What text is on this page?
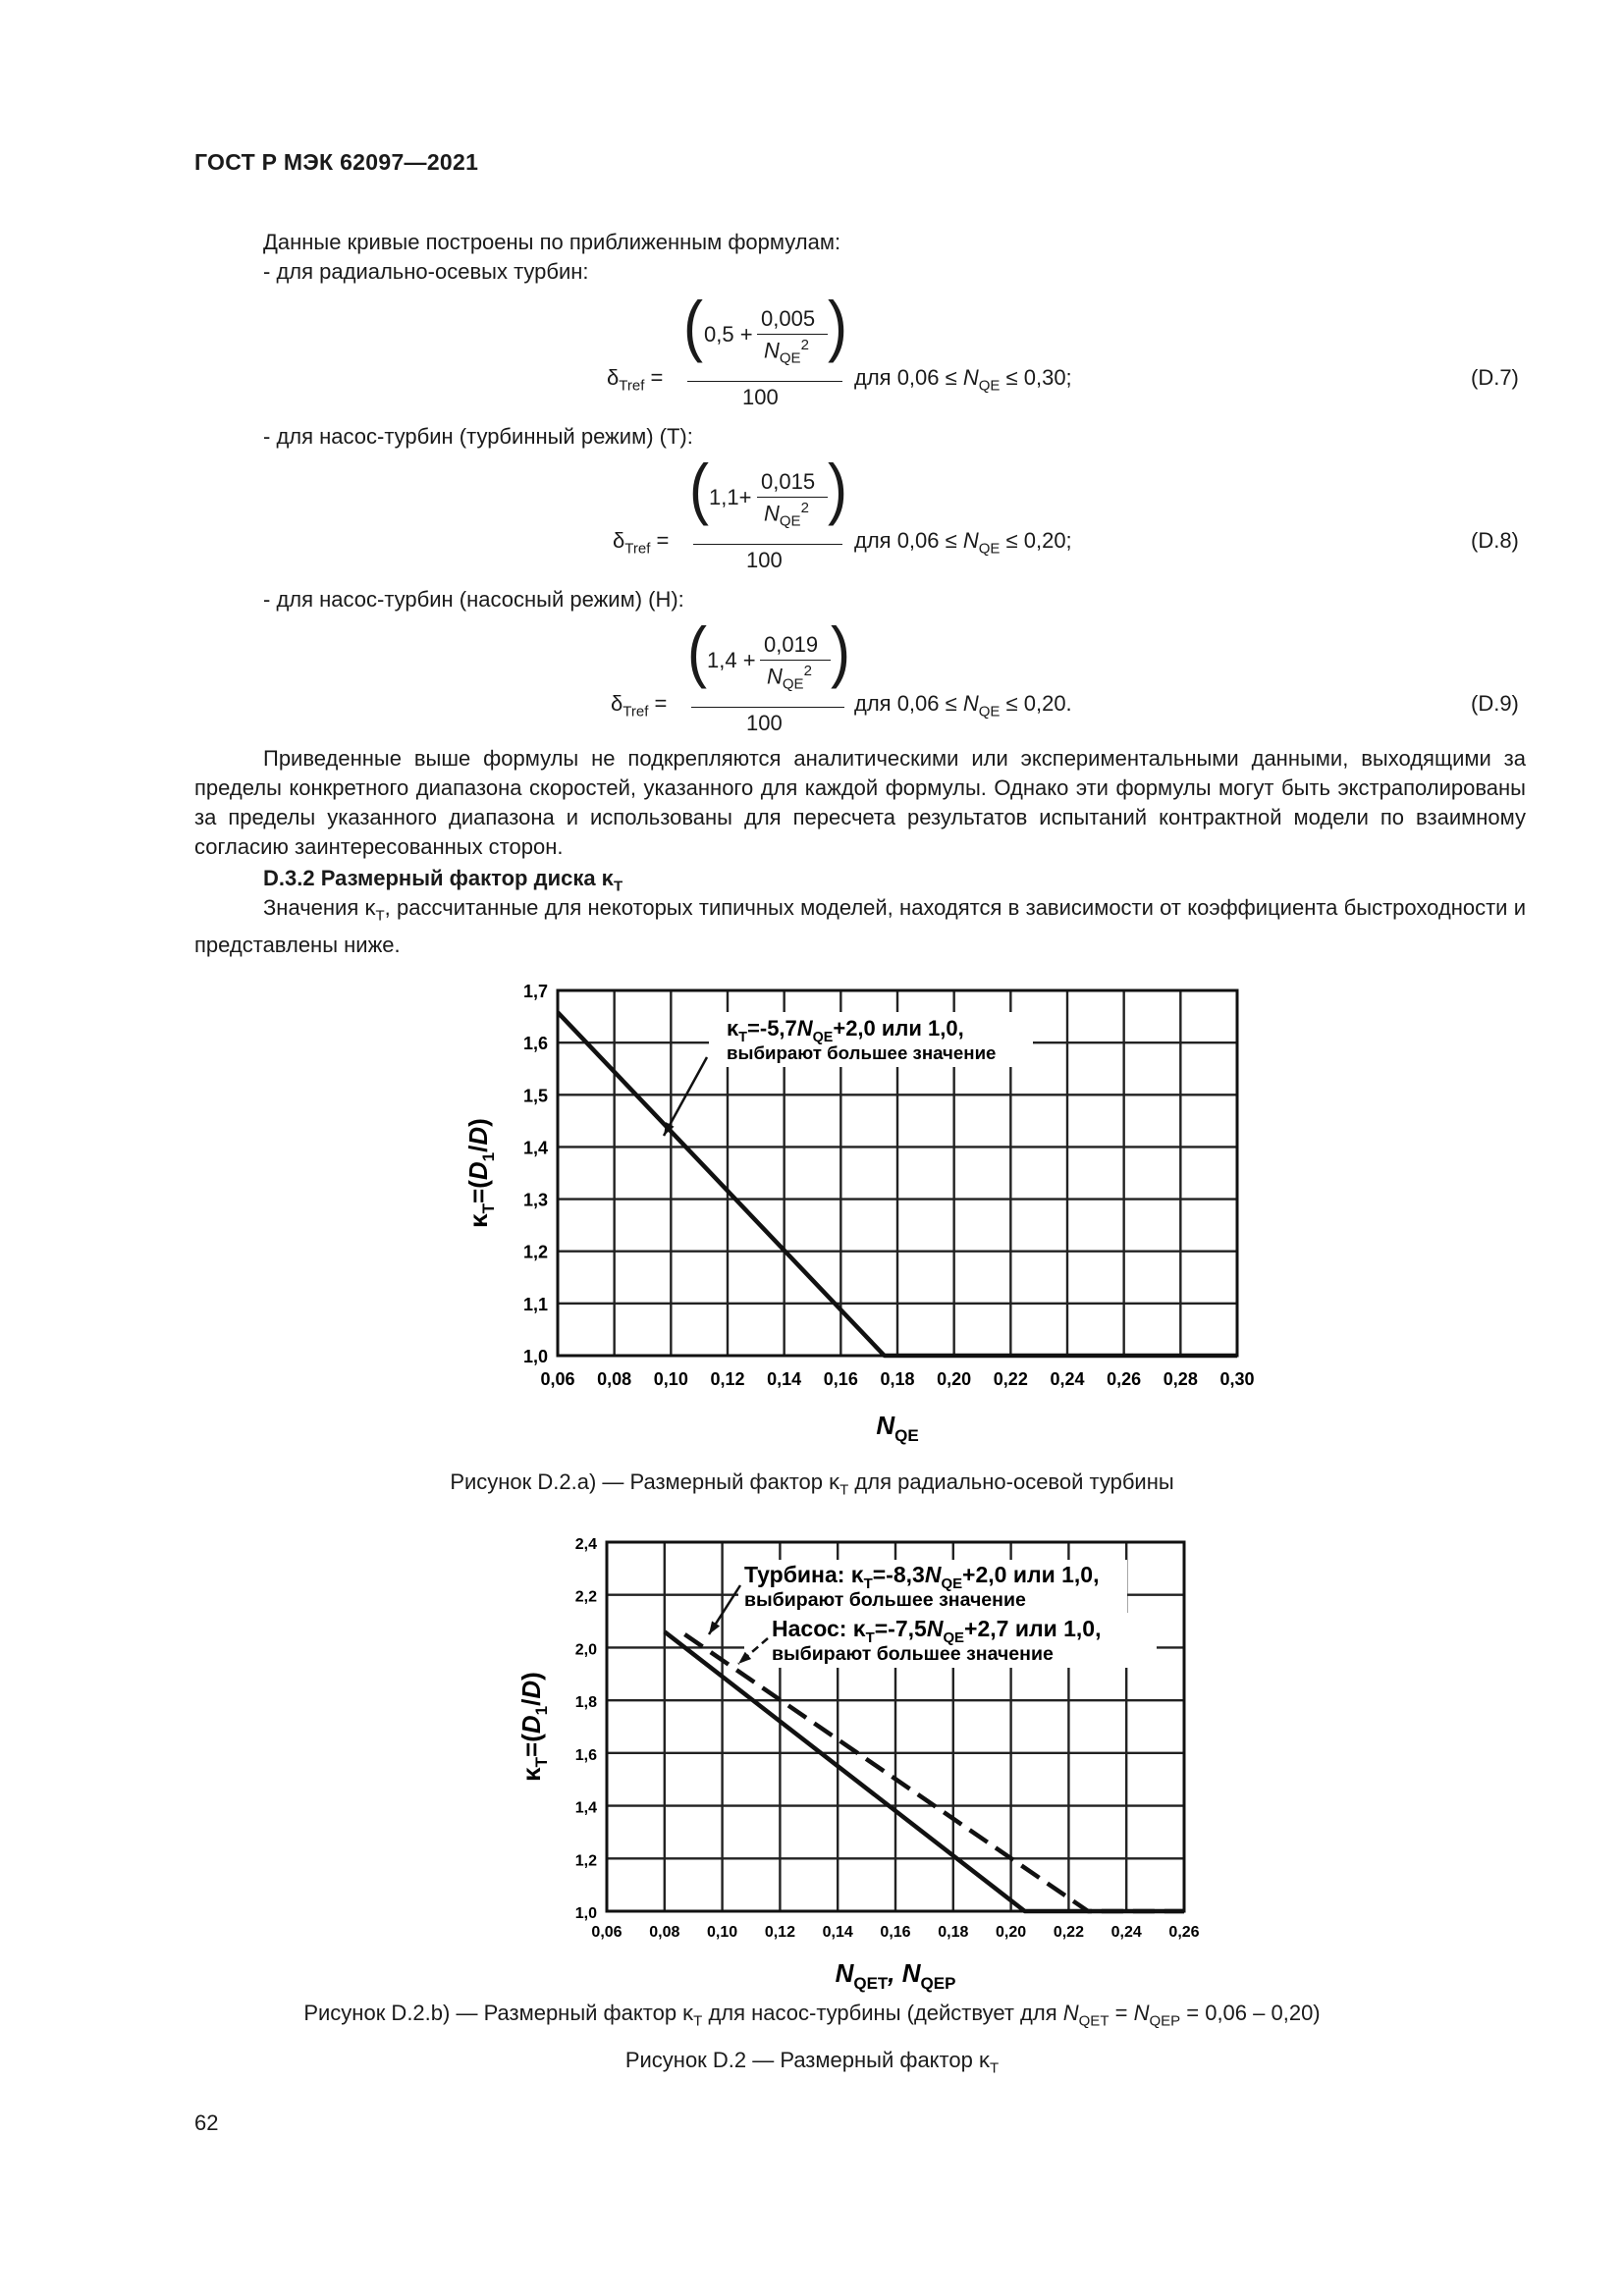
ГОСТ Р МЭК 62097—2021
Данные кривые построены по приближенным формулам:
- для радиально-осевых турбин:
$\delta_{Tref}$ =
( )
0,5 +
0,005
$N_{QE}^2$
100
для $0,06 \le N_{QE} \le 0,30$;	(D.7)
- для насос-турбин (турбинный режим) (Т):
$\delta_{Tref}$ =
( )
1,1+
0,015
$N_{QE}^2$
100
для $0,06 \le N_{QE} \le 0,20$;	(D.8)
- для насос-турбин (насосный режим) (Н):
$\delta_{Tref}$ =
( )
1,4 +
0,019
$N_{QE}^2$
100
для $0,06 \le N_{QE} \le 0,20$.	(D.9)
Приведенные выше формулы не подкрепляются аналитическими или экспериментальными данными, выходящими за пределы конкретного диапазона скоростей, указанного для каждой формулы. Однако эти формулы могут быть экстраполированы за пределы указанного диапазона и использованы для пересчета результатов испытаний контрактной модели по взаимному согласию заинтересованных сторон.
D.3.2 Размерный фактор диска $\kappa_T$
Значения $\kappa_T$, рассчитанные для некоторых типичных моделей, находятся в зависимости от коэффициента быстроходности и представлены ниже.
0,06 0,08 0,10 0,12 0,14 0,16 0,18 0,20 0,22 0,24 0,26 0,28 0,30
1,0
1,1
1,2
1,3
1,4
1,5
1,6
1,7
$\kappa_T=(D_1/D)$
$N_{QE}$
$\kappa_T=-5,7N_{QE}+2,0$ или 1,0,
выбирают большее значение
Рисунок D.2.a) — Размерный фактор $\kappa_T$ для радиально-осевой турбины
0,06 0,08 0,10 0,12 0,14 0,16 0,18 0,20 0,22 0,24 0,26
1,0
1,2
1,4
1,6
1,8
2,0
2,2
2,4
$\kappa_T=(D_1/D)$
$N_{QET}$, $N_{QEP}$
Турбина: $\kappa_T=-8,3N_{QE}+2,0$ или 1,0,
выбирают большее значение
Насос: $\kappa_T=-7,5N_{QE}+2,7$ или 1,0,
выбирают большее значение
Рисунок D.2.b) — Размерный фактор $\kappa_T$ для насос-турбины (действует для $N_{QET} = N_{QEP} = 0,06 - 0,20$)
Рисунок D.2 — Размерный фактор $\kappa_T$
62
